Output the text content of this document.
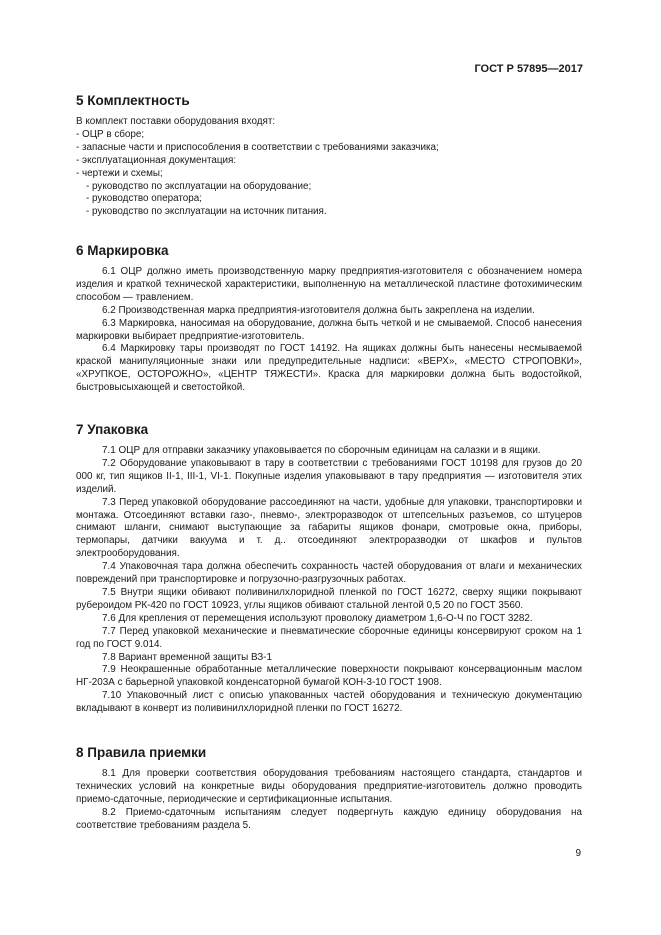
ГОСТ Р 57895—2017
5 Комплектность

В комплект поставки оборудования входят:

- ОЦР в сборе;

- запасные части и приспособления в соответствии с требованиями заказчика;

- эксплуатационная документация:

- чертежи и схемы;

- руководство по эксплуатации на оборудование;

- руководство оператора;

- руководство по эксплуатации на источник питания.

6 Маркировка

6.1 ОЦР должно иметь производственную марку предприятия-изготовителя с обозначением номера изделия и краткой технической характеристики, выполненную на металлической пластине фотохимическим способом — травлением.

6.2 Производственная марка предприятия-изготовителя должна быть закреплена на изделии.

6.3 Маркировка, наносимая на оборудование, должна быть четкой и не смываемой. Способ нанесения маркировки выбирает предприятие-изготовитель.

6.4 Маркировку тары производят по ГОСТ 14192. На ящиках должны быть нанесены несмываемой краской манипуляционные знаки или предупредительные надписи: «ВЕРХ», «МЕСТО СТРОПОВКИ», «ХРУПКОЕ, ОСТОРОЖНО», «ЦЕНТР ТЯЖЕСТИ». Краска для маркировки должна быть водостойкой, быстровысыхающей и светостойкой.

7 Упаковка

7.1 ОЦР для отправки заказчику упаковывается по сборочным единицам на салазки и в ящики.

7.2 Оборудование упаковывают в тару в соответствии с требованиями ГОСТ 10198 для грузов до 20 000 кг, тип ящиков II-1, III-1, VI-1. Покупные изделия упаковывают в тару предприятия — изготовителя этих изделий.

7.3 Перед упаковкой оборудование рассоединяют на части, удобные для упаковки, транспортировки и монтажа. Отсоединяют вставки газо-, пневмо-, электроразводок от штепсельных разъемов, со штуцеров снимают шланги, снимают выступающие за габариты ящиков фонари, смотровые окна, приборы, термопары, датчики вакуума и т. д.. отсоединяют электроразводки от шкафов и пультов электрооборудования.

7.4 Упаковочная тара должна обеспечить сохранность частей оборудования от влаги и механических повреждений при транспортировке и погрузочно-разгрузочных работах.

7.5 Внутри ящики обивают поливинилхлоридной пленкой по ГОСТ 16272, сверху ящики покрывают рубероидом РК-420 по ГОСТ 10923, углы ящиков обивают стальной лентой 0,5 20 по ГОСТ 3560.

7.6 Для крепления от перемещения используют проволоку диаметром 1,6-О-Ч по ГОСТ 3282.

7.7 Перед упаковкой механические и пневматические сборочные единицы консервируют сроком на 1 год по ГОСТ 9.014.

7.8 Вариант временной защиты ВЗ-1

7.9 Неокрашенные обработанные металлические поверхности покрывают консервационным маслом НГ-203А с барьерной упаковкой конденсаторной бумагой КОН-3-10 ГОСТ 1908.

7.10 Упаковочный лист с описью упакованных частей оборудования и техническую документацию вкладывают в конверт из поливинилхлоридной пленки по ГОСТ 16272.

8 Правила приемки

8.1 Для проверки соответствия оборудования требованиям настоящего стандарта, стандартов и технических условий на конкретные виды оборудования предприятие-изготовитель должно проводить приемо-сдаточные, периодические и сертификационные испытания.

8.2 Приемо-сдаточным испытаниям следует подвергнуть каждую единицу оборудования на соответствие требованиям раздела 5.

9
